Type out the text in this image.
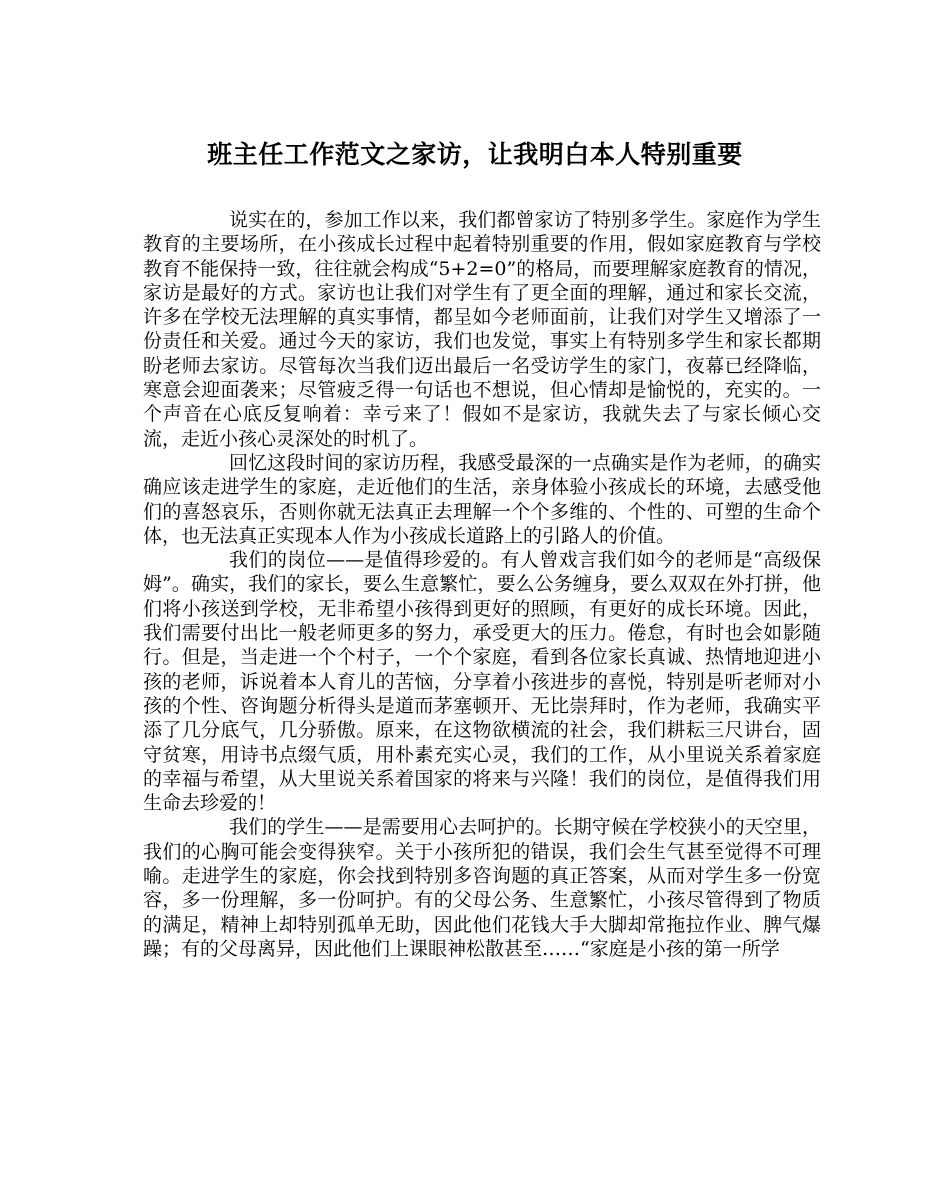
班主任工作范文之家访，让我明白本人特别重要

说实在的，参加工作以来，我们都曾家访了特别多学生。家庭作为学生教育的主要场所，在小孩成长过程中起着特别重要的作用，假如家庭教育与学校教育不能保持一致，往往就会构成“5+2=0”的格局，而要理解家庭教育的情况，家访是最好的方式。家访也让我们对学生有了更全面的理解，通过和家长交流，许多在学校无法理解的真实事情，都呈如今老师面前，让我们对学生又增添了一份责任和关爱。通过今天的家访，我们也发觉，事实上有特别多学生和家长都期盼老师去家访。尽管每次当我们迈出最后一名受访学生的家门，夜幕已经降临，寒意会迎面袭来；尽管疲乏得一句话也不想说，但心情却是愉悦的，充实的。一个声音在心底反复响着：幸亏来了！假如不是家访，我就失去了与家长倾心交流，走近小孩心灵深处的时机了。

回忆这段时间的家访历程，我感受最深的一点确实是作为老师，的确实确应该走进学生的家庭，走近他们的生活，亲身体验小孩成长的环境，去感受他们的喜怒哀乐，否则你就无法真正去理解一个个多维的、个性的、可塑的生命个体，也无法真正实现本人作为小孩成长道路上的引路人的价值。

我们的岗位——是值得珍爱的。有人曾戏言我们如今的老师是“高级保姆”。确实，我们的家长，要么生意繁忙，要么公务缠身，要么双双在外打拼，他们将小孩送到学校，无非希望小孩得到更好的照顾，有更好的成长环境。因此，我们需要付出比一般老师更多的努力，承受更大的压力。倦怠，有时也会如影随行。但是，当走进一个个村子，一个个家庭，看到各位家长真诚、热情地迎进小孩的老师，诉说着本人育儿的苦恼，分享着小孩进步的喜悦，特别是听老师对小孩的个性、咨询题分析得头是道而茅塞顿开、无比崇拜时，作为老师，我确实平添了几分底气，几分骄傲。原来，在这物欲横流的社会，我们耕耘三尺讲台，固守贫寒，用诗书点缀气质，用朴素充实心灵，我们的工作，从小里说关系着家庭的幸福与希望，从大里说关系着国家的将来与兴隆！我们的岗位，是值得我们用生命去珍爱的！

我们的学生——是需要用心去呵护的。长期守候在学校狭小的天空里，我们的心胸可能会变得狭窄。关于小孩所犯的错误，我们会生气甚至觉得不可理喻。走进学生的家庭，你会找到特别多咨询题的真正答案，从而对学生多一份宽容，多一份理解，多一份呵护。有的父母公务、生意繁忙，小孩尽管得到了物质的满足，精神上却特别孤单无助，因此他们花钱大手大脚却常拖拉作业、脾气爆躁；有的父母离异，因此他们上课眼神松散甚至……“家庭是小孩的第一所学
